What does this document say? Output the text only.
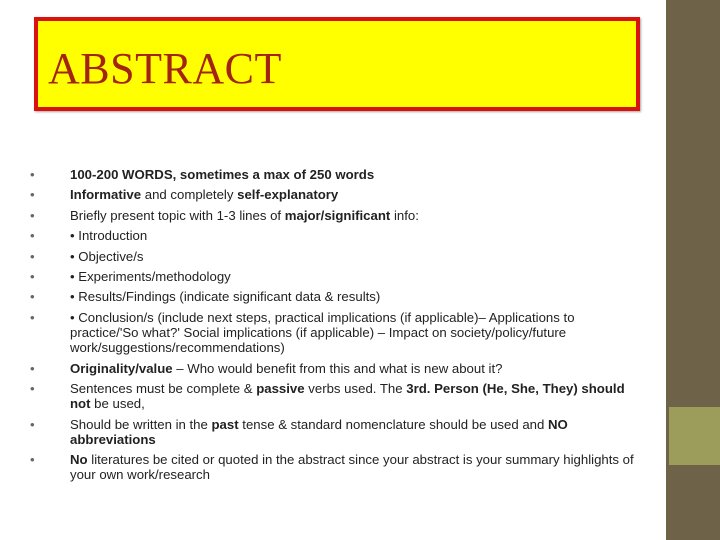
ABSTRACT
•	100-200 WORDS, sometimes a max of 250 words
•	Informative and completely self-explanatory
•	Briefly present topic with 1-3 lines of major/significant info:
•	• Introduction
•	• Objective/s
•	• Experiments/methodology
•	• Results/Findings (indicate significant data & results)
•	• Conclusion/s (include next steps, practical implications (if applicable)– Applications to practice/'So what?' Social implications (if applicable) – Impact on society/policy/future work/suggestions/recommendations)
•	Originality/value – Who would benefit from this and what is new about it?
•	Sentences must be complete & passive verbs used. The 3rd. Person (He, She, They) should not be used,
•	Should be written in the past tense & standard nomenclature should be used and NO abbreviations
•	No literatures be cited or quoted in the abstract since your abstract is your summary highlights of your own work/research
